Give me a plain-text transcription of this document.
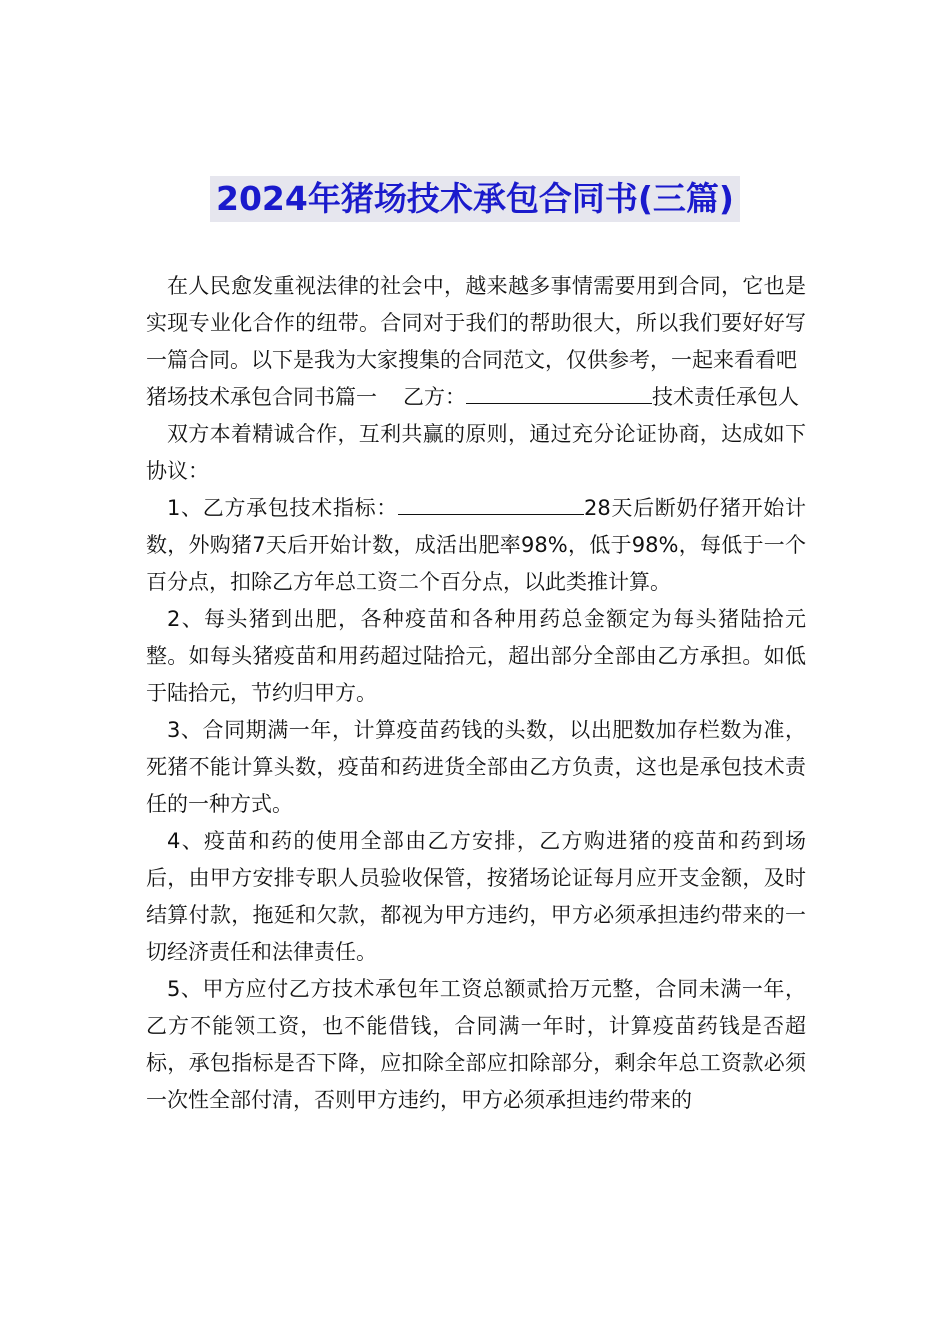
2024年猪场技术承包合同书(三篇)

在人民愈发重视法律的社会中，越来越多事情需要用到合同，它也是实现专业化合作的纽带。合同对于我们的帮助很大，所以我们要好好写一篇合同。以下是我为大家搜集的合同范文，仅供参考，一起来看看吧

猪场技术承包合同书篇一 乙方：	技术责任承包人

双方本着精诚合作，互利共赢的原则，通过充分论证协商，达成如下协议：

1、乙方承包技术指标：	28天后断奶仔猪开始计数，外购猪7天后开始计数，成活出肥率98%，低于98%，每低于一个百分点，扣除乙方年总工资二个百分点，以此类推计算。

2、每头猪到出肥，各种疫苗和各种用药总金额定为每头猪陆拾元整。如每头猪疫苗和用药超过陆拾元，超出部分全部由乙方承担。如低于陆拾元，节约归甲方。

3、合同期满一年，计算疫苗药钱的头数，以出肥数加存栏数为准，死猪不能计算头数，疫苗和药进货全部由乙方负责，这也是承包技术责任的一种方式。

4、疫苗和药的使用全部由乙方安排，乙方购进猪的疫苗和药到场后，由甲方安排专职人员验收保管，按猪场论证每月应开支金额，及时结算付款，拖延和欠款，都视为甲方违约，甲方必须承担违约带来的一切经济责任和法律责任。

5、甲方应付乙方技术承包年工资总额贰拾万元整，合同未满一年，乙方不能领工资，也不能借钱，合同满一年时，计算疫苗药钱是否超标，承包指标是否下降，应扣除全部应扣除部分，剩余年总工资款必须一次性全部付清，否则甲方违约，甲方必须承担违约带来的
